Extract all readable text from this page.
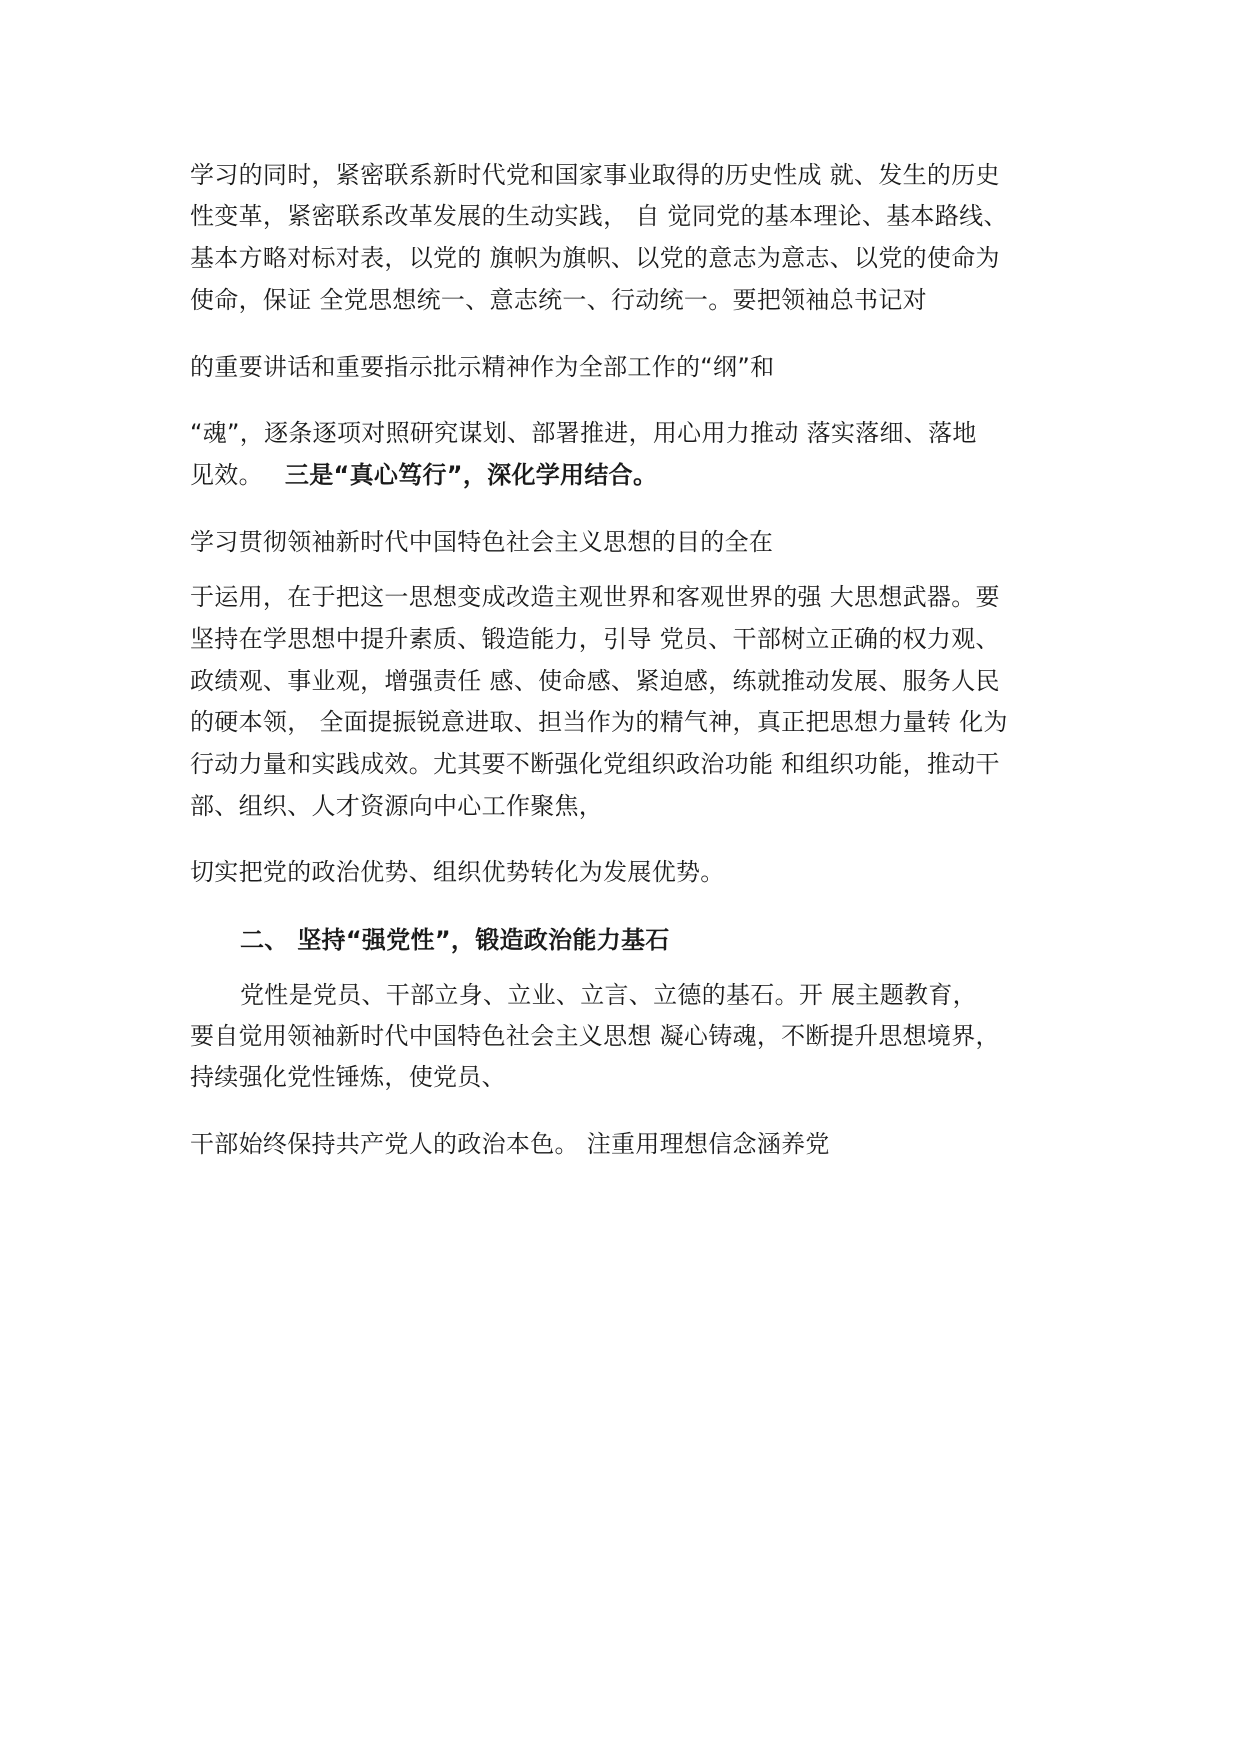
学习的同时，紧密联系新时代党和国家事业取得的历史性成 就、发生的历史
性变革，紧密联系改革发展的生动实践， 自 觉同党的基本理论、基本路线、
基本方略对标对表，以党的 旗帜为旗帜、以党的意志为意志、以党的使命为
使命，保证 全党思想统一、意志统一、行动统一。要把领袖总书记对
的重要讲话和重要指示批示精神作为全部工作的“纲”和
“魂”，逐条逐项对照研究谋划、部署推进，用心用力推动 落实落细、落地
见效。 三是“真心笃行”，深化学用结合。
学习贯彻领袖新时代中国特色社会主义思想的目的全在
于运用，在于把这一思想变成改造主观世界和客观世界的强 大思想武器。要
坚持在学思想中提升素质、锻造能力，引导 党员、干部树立正确的权力观、
政绩观、事业观，增强责任 感、使命感、紧迫感，练就推动发展、服务人民
的硬本领， 全面提振锐意进取、担当作为的精气神，真正把思想力量转 化为
行动力量和实践成效。尤其要不断强化党组织政治功能 和组织功能，推动干
部、组织、人才资源向中心工作聚焦，
切实把党的政治优势、组织优势转化为发展优势。
二、 坚持“强党性”，锻造政治能力基石
党性是党员、干部立身、立业、立言、立德的基石。开 展主题教育，
要自觉用领袖新时代中国特色社会主义思想 凝心铸魂，不断提升思想境界，
持续强化党性锤炼，使党员、
干部始终保持共产党人的政治本色。 注重用理想信念涵养党
